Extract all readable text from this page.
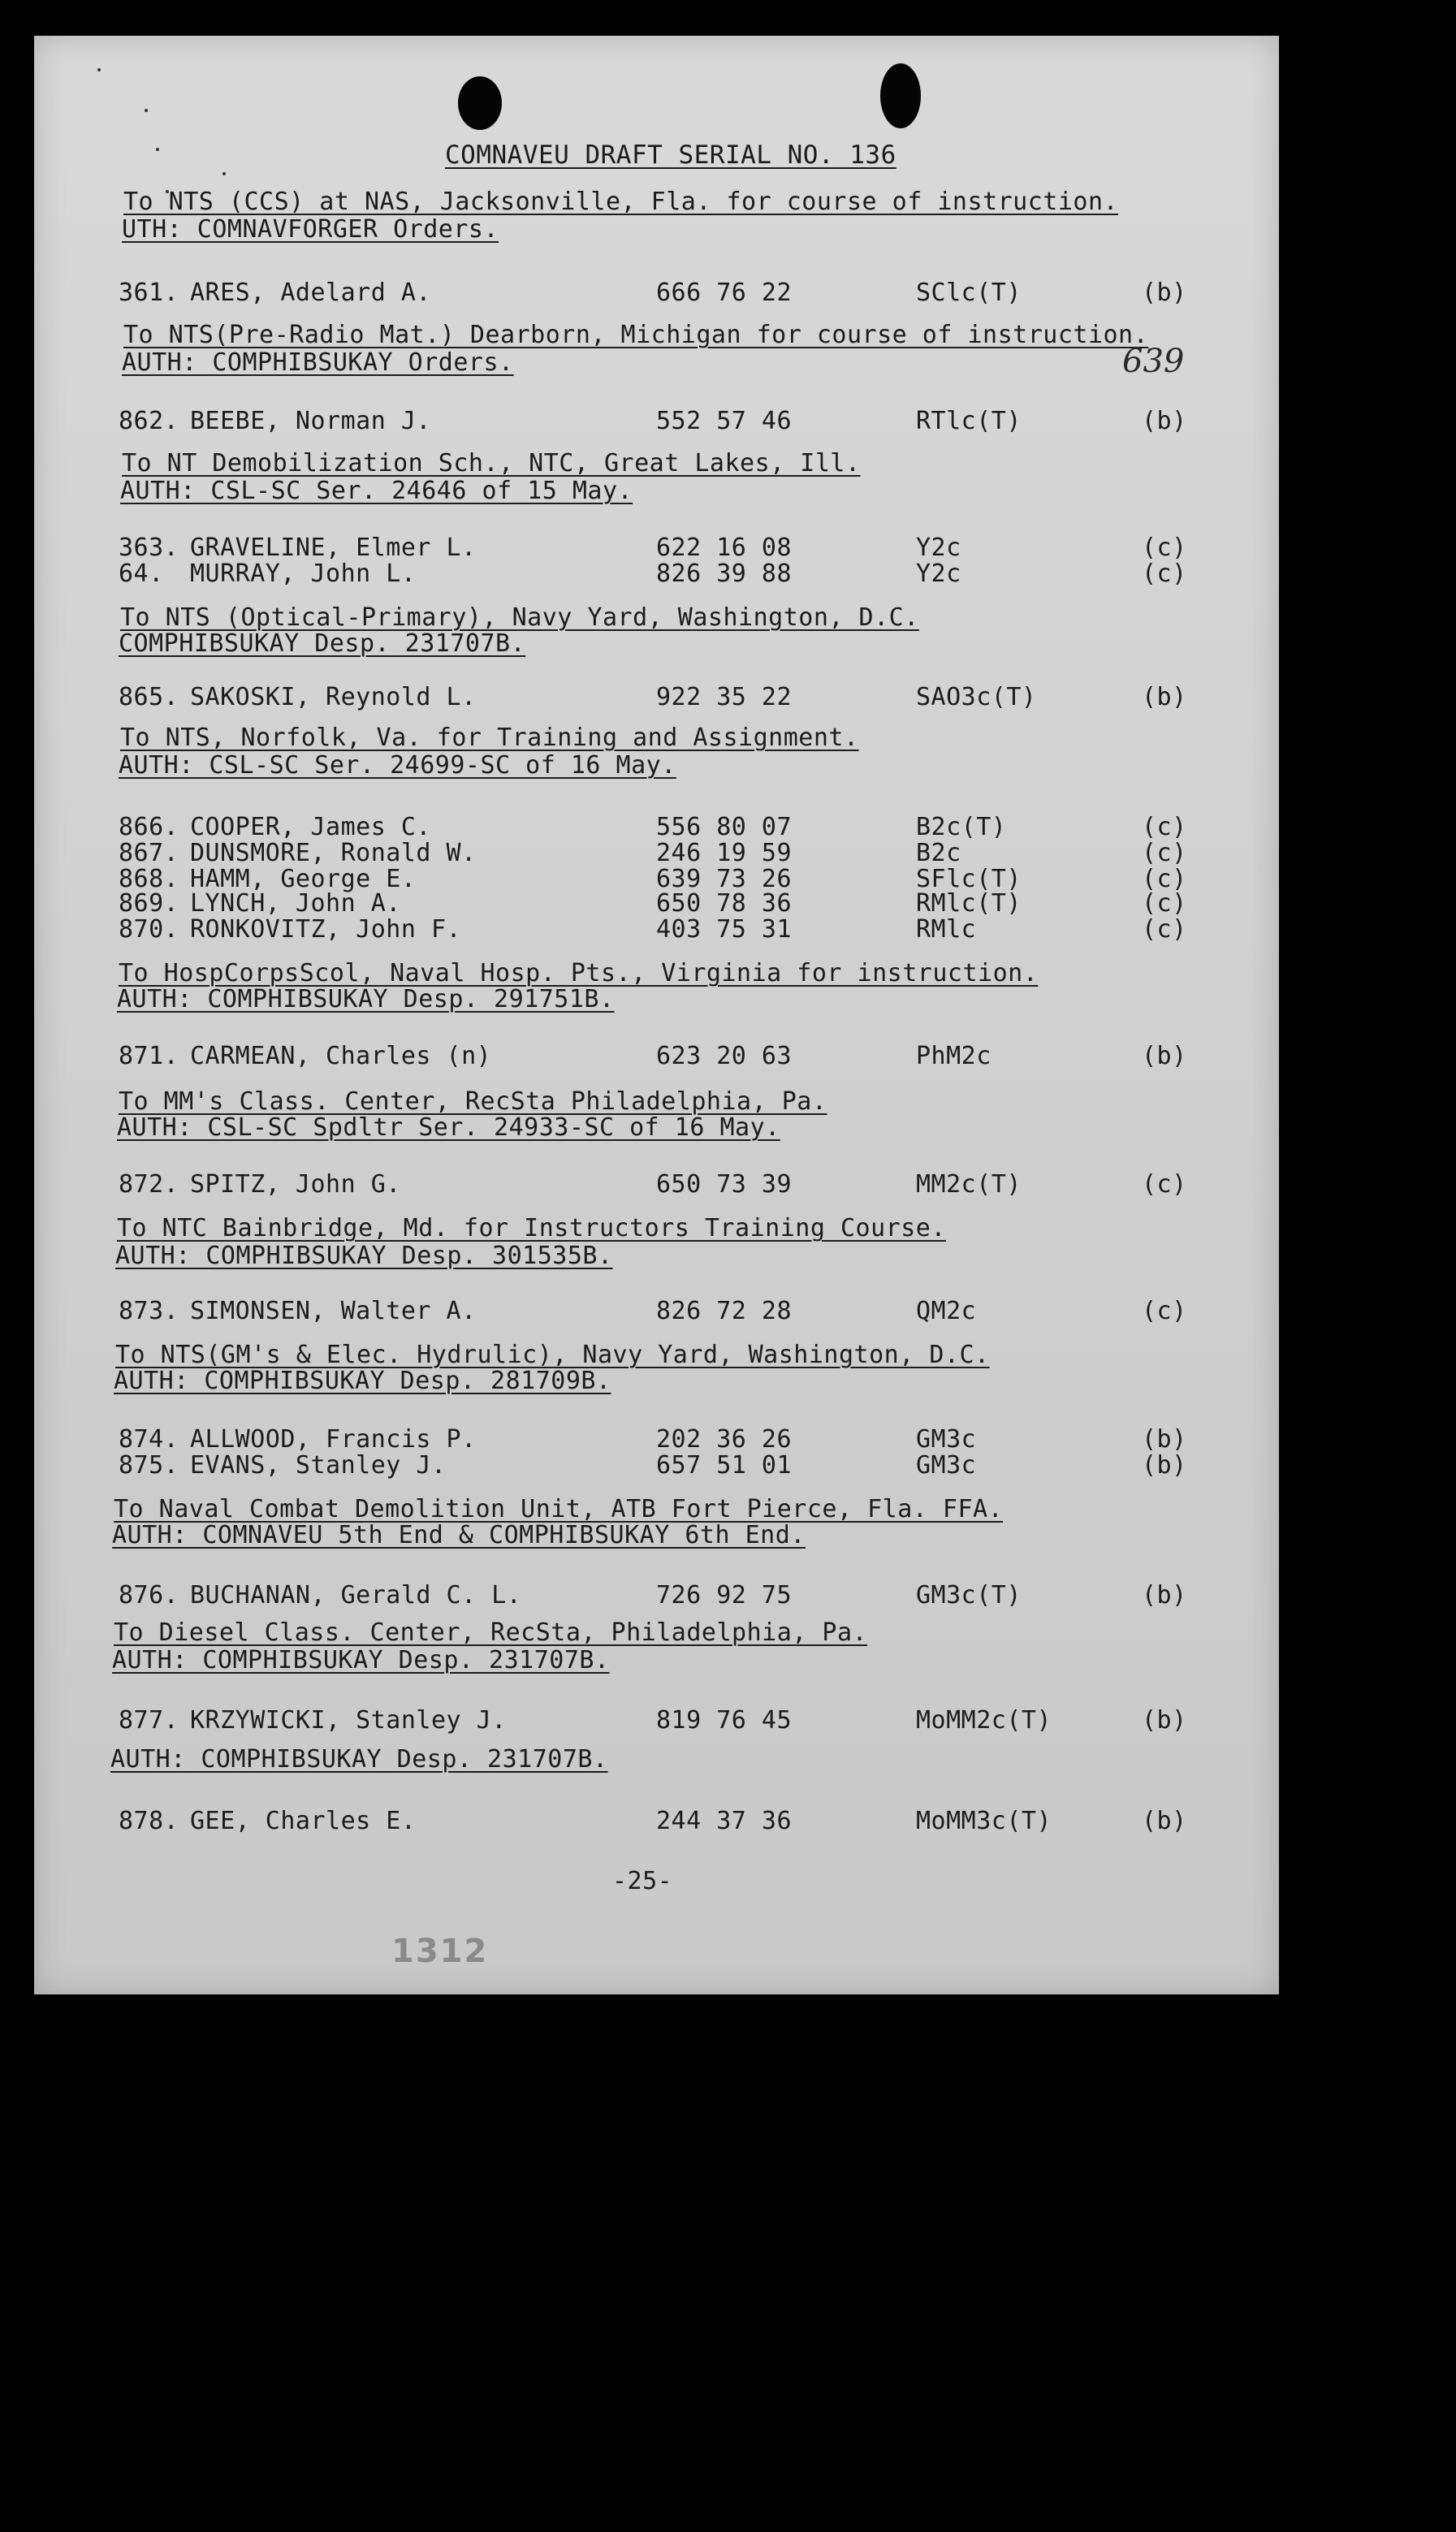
COMNAVEU DRAFT SERIAL NO. 136
To NTS (CCS) at NAS, Jacksonville, Fla. for course of instruction.
UTH: COMNAVFORGER Orders.
361. ARES, Adelard A.	666 76 22	SClc(T)	(b)
To NTS(Pre-Radio Mat.) Dearborn, Michigan for course of instruction.
AUTH: COMPHIBSUKAY Orders.
862. BEEBE, Norman J.	552 57 46	RTlc(T)	(b)
To NT Demobilization Sch., NTC, Great Lakes, Ill.
AUTH: CSL-SC Ser. 24646 of 15 May.
363. GRAVELINE, Elmer L.	622 16 08	Y2c	(c)
64. MURRAY, John L.	826 39 88	Y2c	(c)
To NTS (Optical-Primary), Navy Yard, Washington, D.C.
COMPHIBSUKAY Desp. 231707B.
865. SAKOSKI, Reynold L.	922 35 22	SAO3c(T)	(b)
To NTS, Norfolk, Va. for Training and Assignment.
AUTH: CSL-SC Ser. 24699-SC of 16 May.
866. COOPER, James C.	556 80 07	B2c(T)	(c)
867. DUNSMORE, Ronald W.	246 19 59	B2c	(c)
868. HAMM, George E.	639 73 26	SFlc(T)	(c)
869. LYNCH, John A.	650 78 36	RMlc(T)	(c)
870. RONKOVITZ, John F.	403 75 31	RMlc	(c)
To HospCorpsScol, Naval Hosp. Pts., Virginia for instruction.
AUTH: COMPHIBSUKAY Desp. 291751B.
871. CARMEAN, Charles (n)	623 20 63	PhM2c	(b)
To MM's Class. Center, RecSta Philadelphia, Pa.
AUTH: CSL-SC Spdltr Ser. 24933-SC of 16 May.
872. SPITZ, John G.	650 73 39	MM2c(T)	(c)
To NTC Bainbridge, Md. for Instructors Training Course.
AUTH: COMPHIBSUKAY Desp. 301535B.
873. SIMONSEN, Walter A.	826 72 28	QM2c	(c)
To NTS(GM's & Elec. Hydrulic), Navy Yard, Washington, D.C.
AUTH: COMPHIBSUKAY Desp. 281709B.
874. ALLWOOD, Francis P.	202 36 26	GM3c	(b)
875. EVANS, Stanley J.	657 51 01	GM3c	(b)
To Naval Combat Demolition Unit, ATB Fort Pierce, Fla. FFA.
AUTH: COMNAVEU 5th End & COMPHIBSUKAY 6th End.
876. BUCHANAN, Gerald C. L.	726 92 75	GM3c(T)	(b)
To Diesel Class. Center, RecSta, Philadelphia, Pa.
AUTH: COMPHIBSUKAY Desp. 231707B.
877. KRZYWICKI, Stanley J.	819 76 45	MoMM2c(T)	(b)
AUTH: COMPHIBSUKAY Desp. 231707B.
878. GEE, Charles E.	244 37 36	MoMM3c(T)	(b)
639
-25-
1312
